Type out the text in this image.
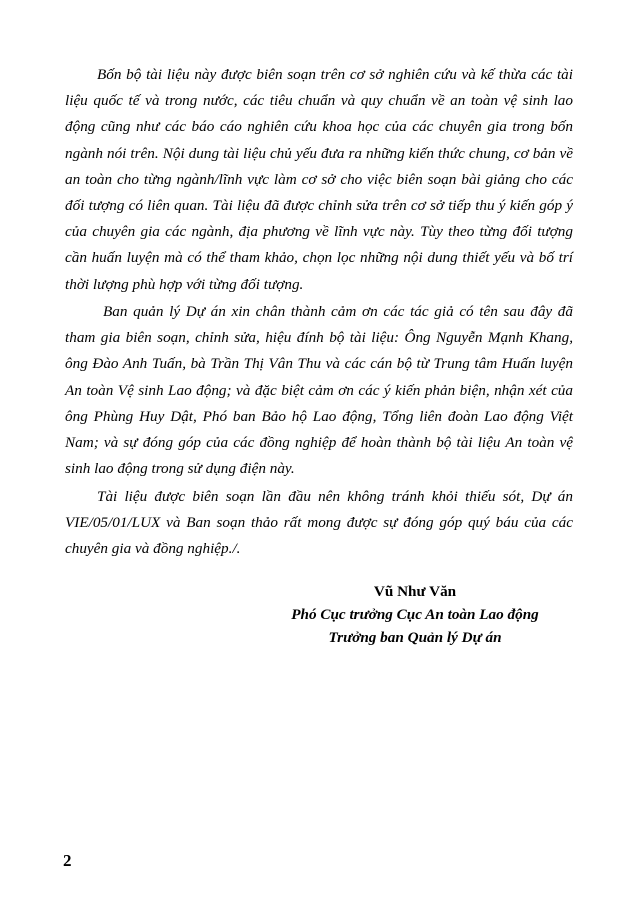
Bốn bộ tài liệu này được biên soạn trên cơ sở nghiên cứu và kế thừa các tài liệu quốc tế và trong nước, các tiêu chuẩn và quy chuẩn về an toàn vệ sinh lao động cũng như các báo cáo nghiên cứu khoa học của các chuyên gia trong bốn ngành nói trên. Nội dung tài liệu chủ yếu đưa ra những kiến thức chung, cơ bản về an toàn cho từng ngành/lĩnh vực làm cơ sở cho việc biên soạn bài giảng cho các đối tượng có liên quan. Tài liệu đã được chỉnh sửa trên cơ sở tiếp thu ý kiến góp ý của chuyên gia các ngành, địa phương về lĩnh vực này. Tùy theo từng đối tượng cần huấn luyện mà có thể tham khảo, chọn lọc những nội dung thiết yếu và bố trí thời lượng phù hợp với từng đối tượng.

Ban quản lý Dự án xin chân thành cảm ơn các tác giả có tên sau đây đã tham gia biên soạn, chỉnh sửa, hiệu đính bộ tài liệu: Ông Nguyễn Mạnh Khang, ông Đào Anh Tuấn, bà Trần Thị Vân Thu và các cán bộ từ Trung tâm Huấn luyện An toàn Vệ sinh Lao động; và đặc biệt cảm ơn các ý kiến phản biện, nhận xét của ông Phùng Huy Dật, Phó ban Bảo hộ Lao động, Tổng liên đoàn Lao động Việt Nam; và sự đóng góp của các đồng nghiệp để hoàn thành bộ tài liệu An toàn vệ sinh lao động trong sử dụng điện này.

Tài liệu được biên soạn lần đầu nên không tránh khỏi thiếu sót, Dự án VIE/05/01/LUX và Ban soạn thảo rất mong được sự đóng góp quý báu của các chuyên gia và đồng nghiệp./.

Vũ Như Văn
Phó Cục trưởng Cục An toàn Lao động
Trưởng ban Quản lý Dự án
2
